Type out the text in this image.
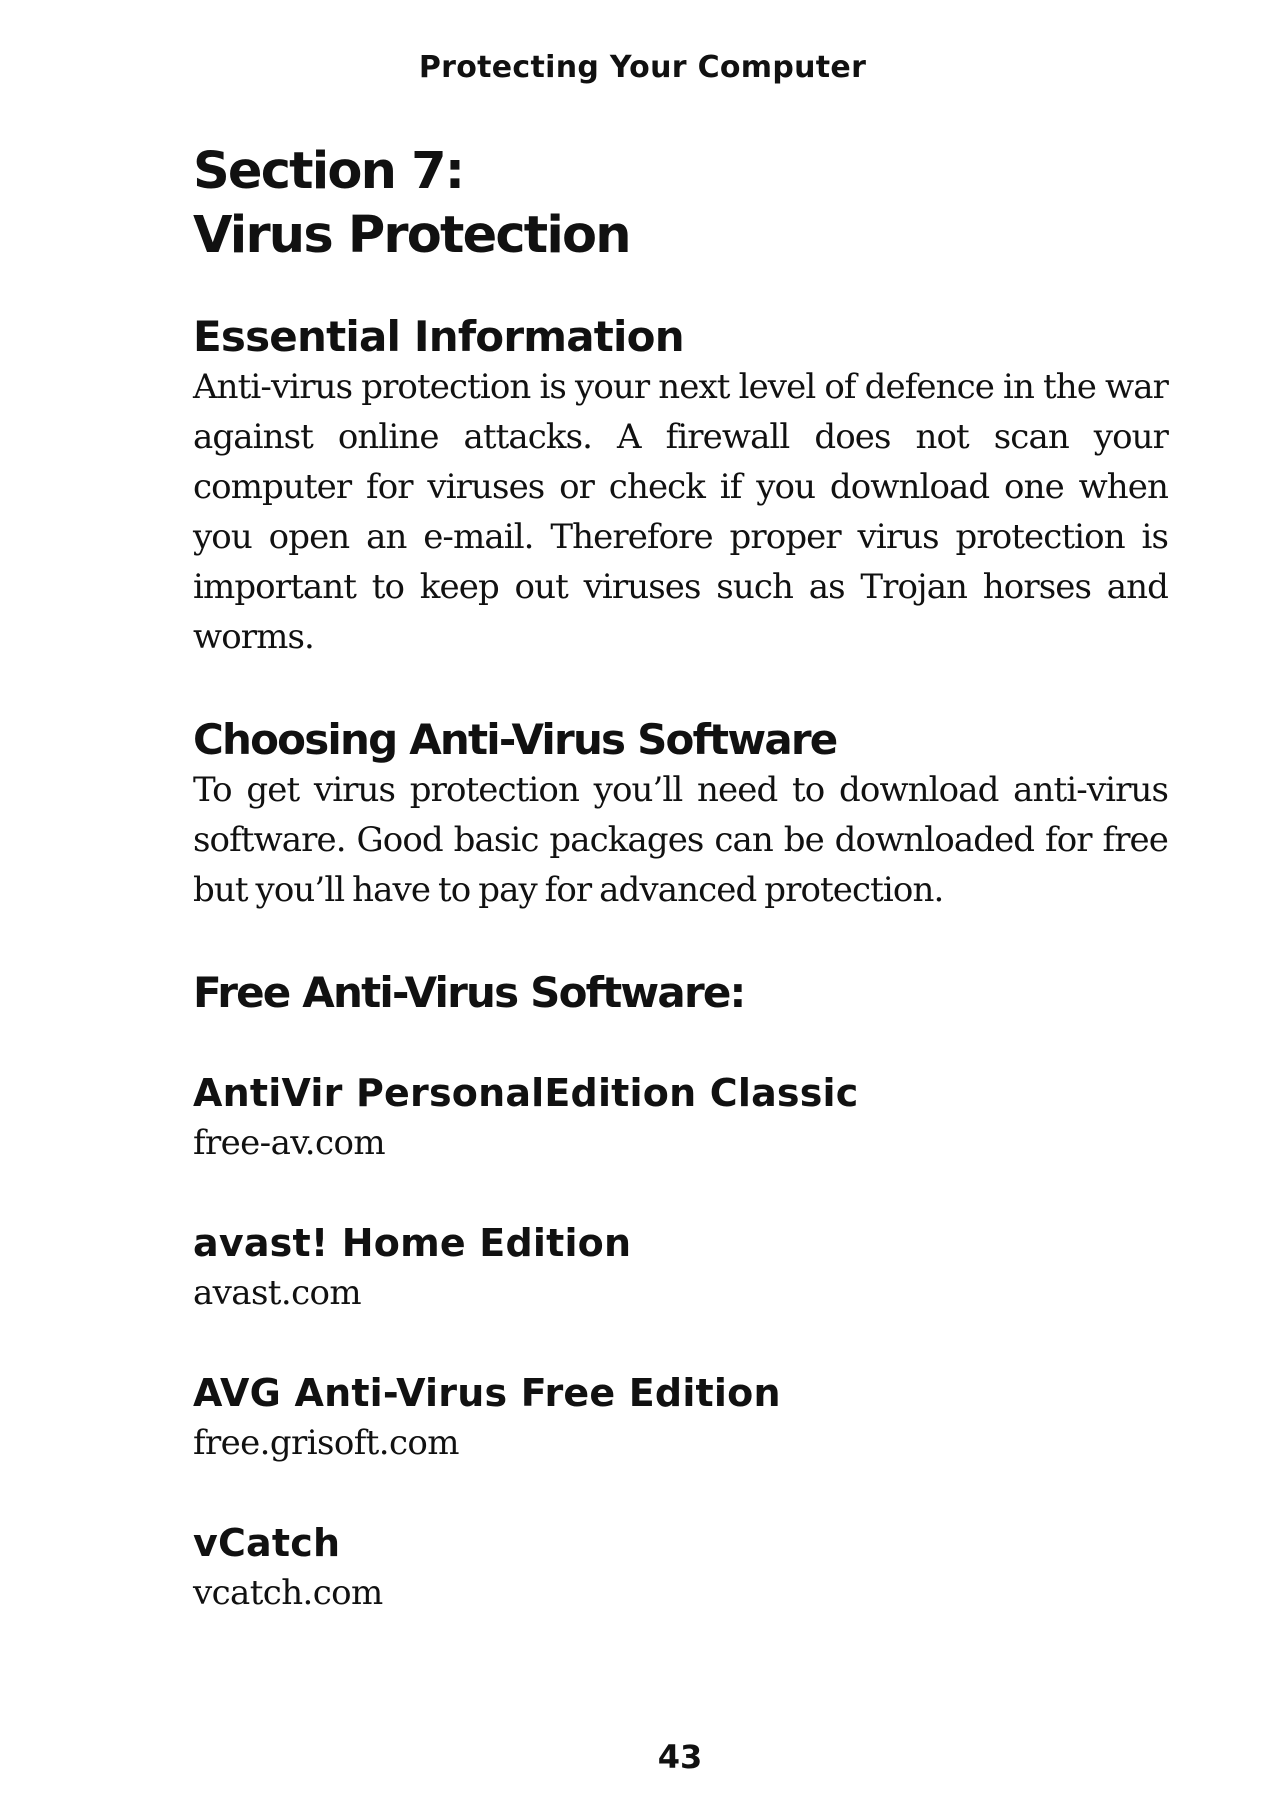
Protecting Your Computer
Section 7:
Virus Protection
Essential Information

Anti-virus protection is your next level of defence in the war against online attacks. A firewall does not scan your computer for viruses or check if you download one when you open an e-mail. Therefore proper virus protection is important to keep out viruses such as Trojan horses and worms.

Choosing Anti-Virus Software

To get virus protection you’ll need to download anti-virus software. Good basic packages can be downloaded for free but you’ll have to pay for advanced protection.

Free Anti-Virus Software:
AntiVir PersonalEdition Classic
free-av.com
avast! Home Edition
avast.com
AVG Anti-Virus Free Edition
free.grisoft.com
vCatch
vcatch.com
43
